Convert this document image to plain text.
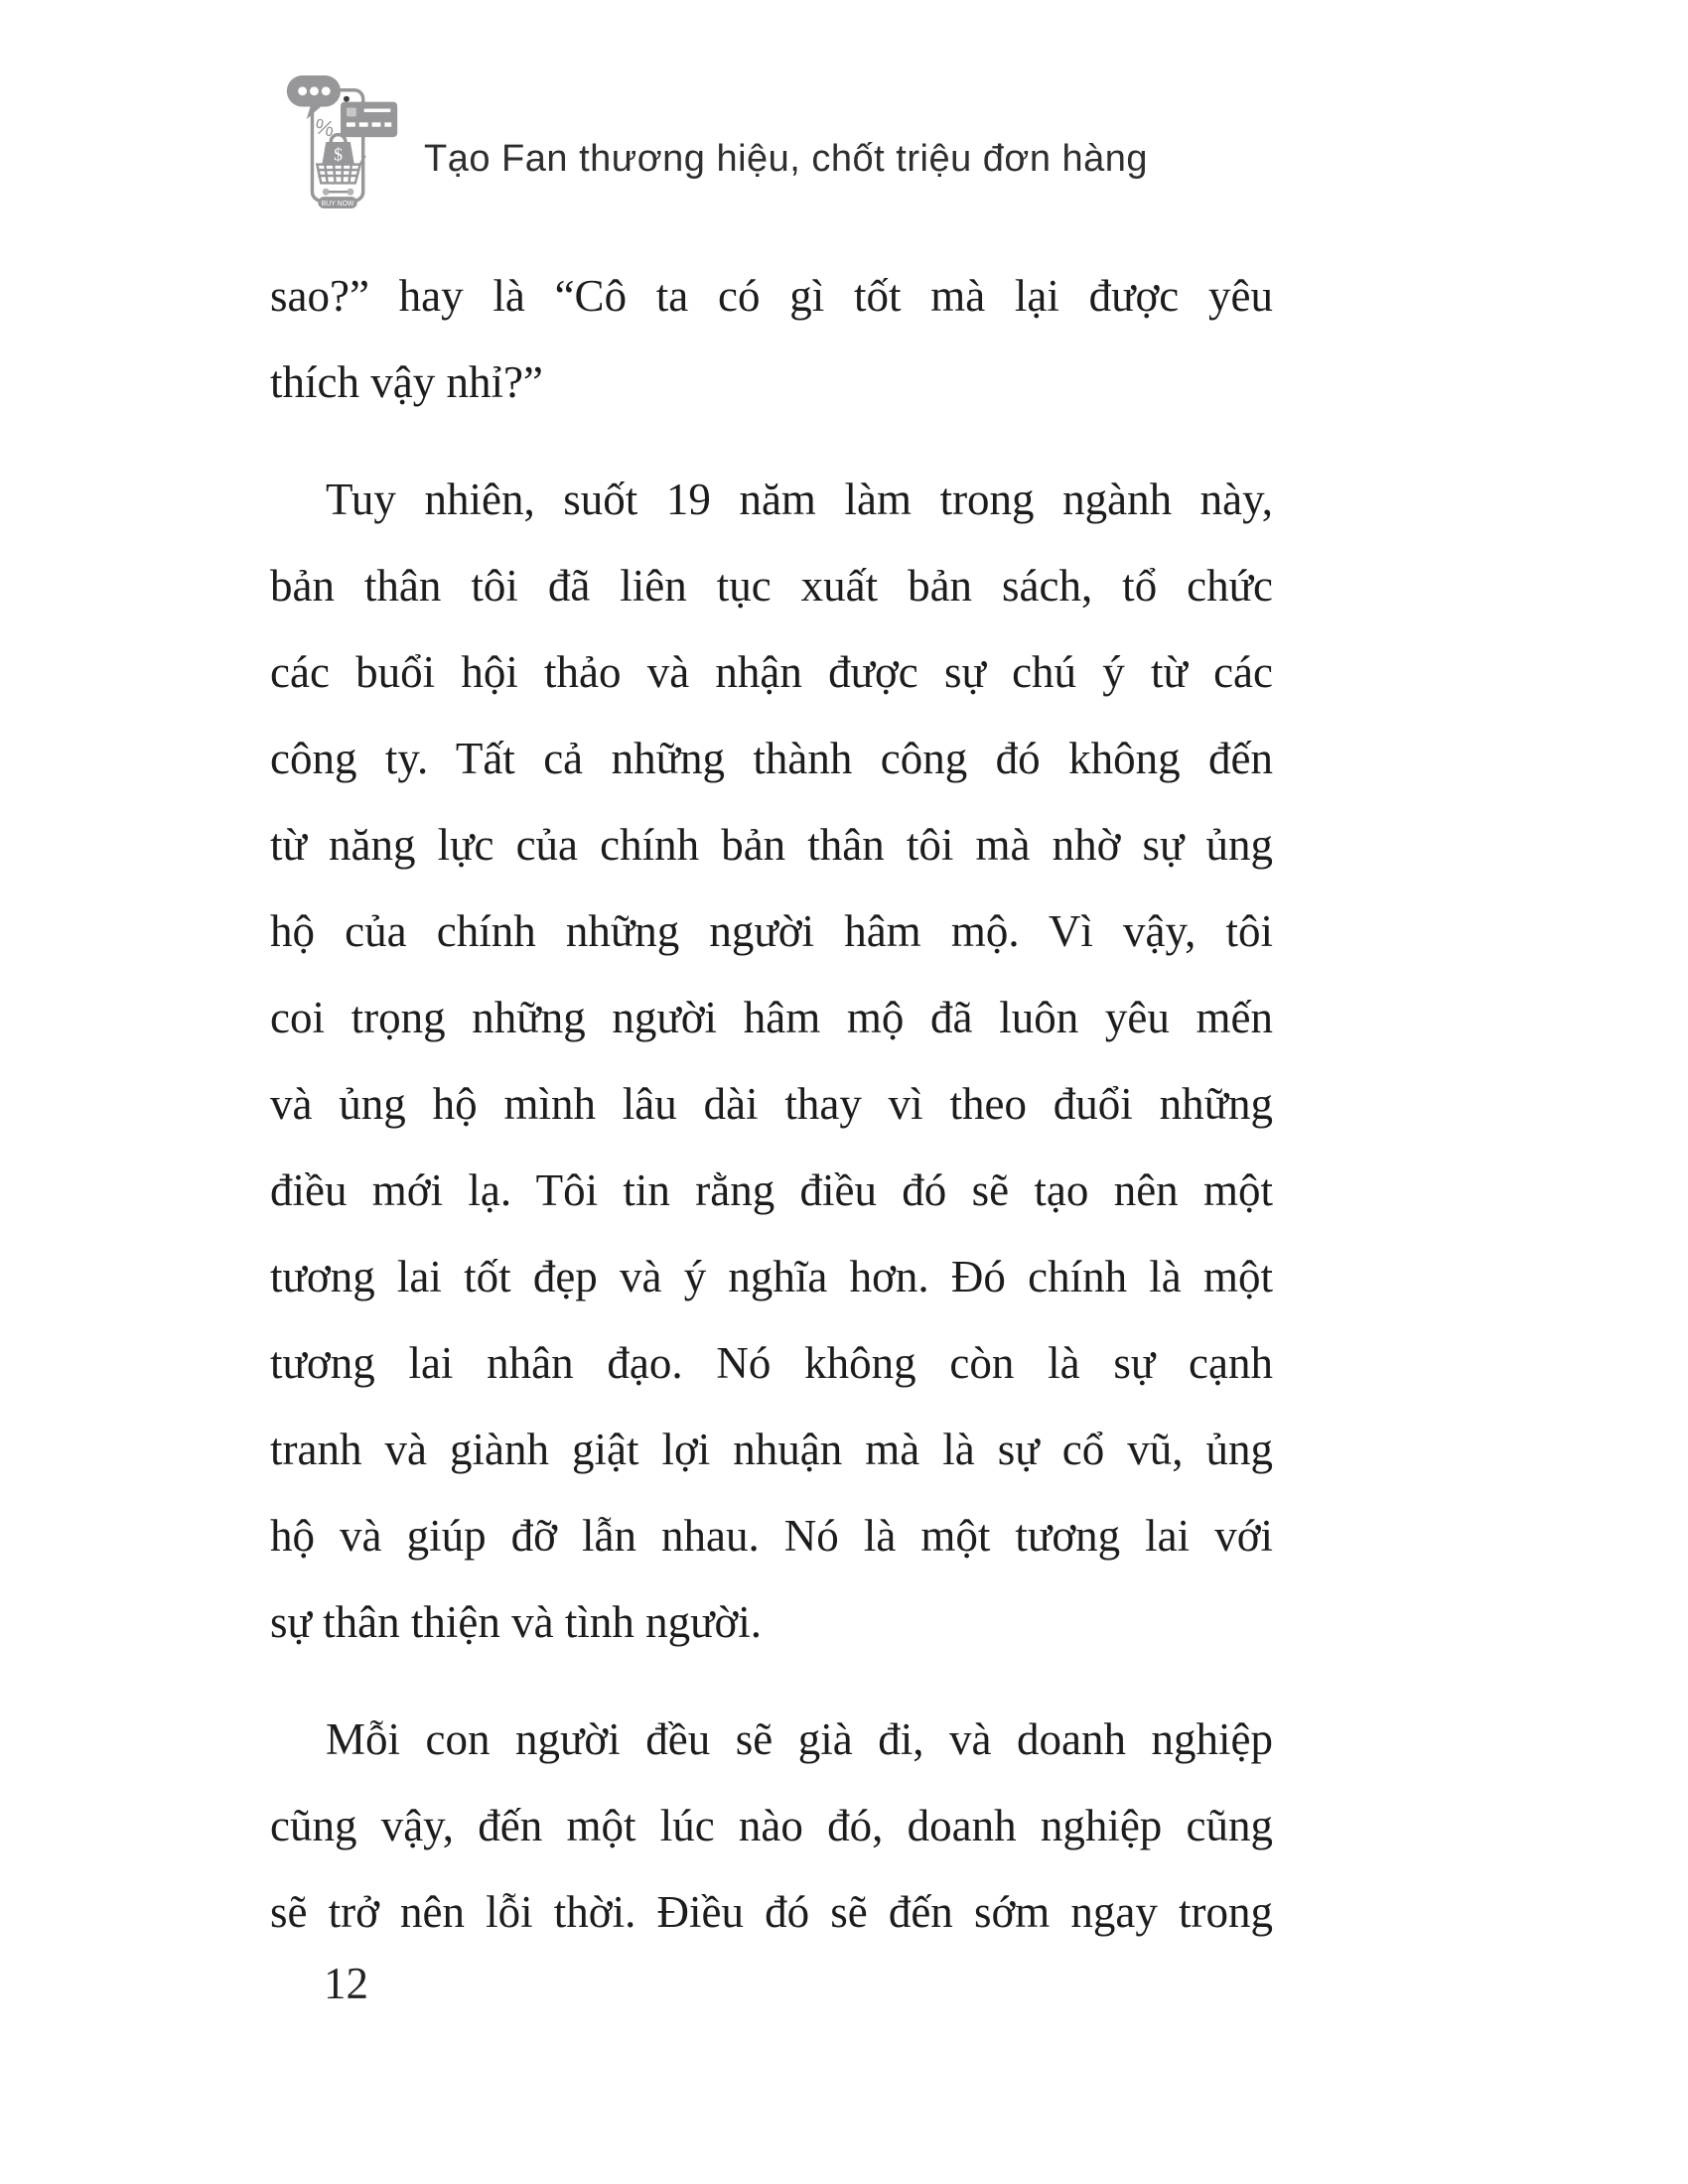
%
$
BUY NOW
Tạo Fan thương hiệu, chốt triệu đơn hàng
sao?” hay là “Cô ta có gì tốt mà lại được yêu
thích vậy nhỉ?”
Tuy nhiên, suốt 19 năm làm trong ngành này,
bản thân tôi đã liên tục xuất bản sách, tổ chức
các buổi hội thảo và nhận được sự chú ý từ các
công ty. Tất cả những thành công đó không đến
từ năng lực của chính bản thân tôi mà nhờ sự ủng
hộ của chính những người hâm mộ. Vì vậy, tôi
coi trọng những người hâm mộ đã luôn yêu mến
và ủng hộ mình lâu dài thay vì theo đuổi những
điều mới lạ. Tôi tin rằng điều đó sẽ tạo nên một
tương lai tốt đẹp và ý nghĩa hơn. Đó chính là một
tương lai nhân đạo. Nó không còn là sự cạnh
tranh và giành giật lợi nhuận mà là sự cổ vũ, ủng
hộ và giúp đỡ lẫn nhau. Nó là một tương lai với
sự thân thiện và tình người.
Mỗi con người đều sẽ già đi, và doanh nghiệp
cũng vậy, đến một lúc nào đó, doanh nghiệp cũng
sẽ trở nên lỗi thời. Điều đó sẽ đến sớm ngay trong
12
